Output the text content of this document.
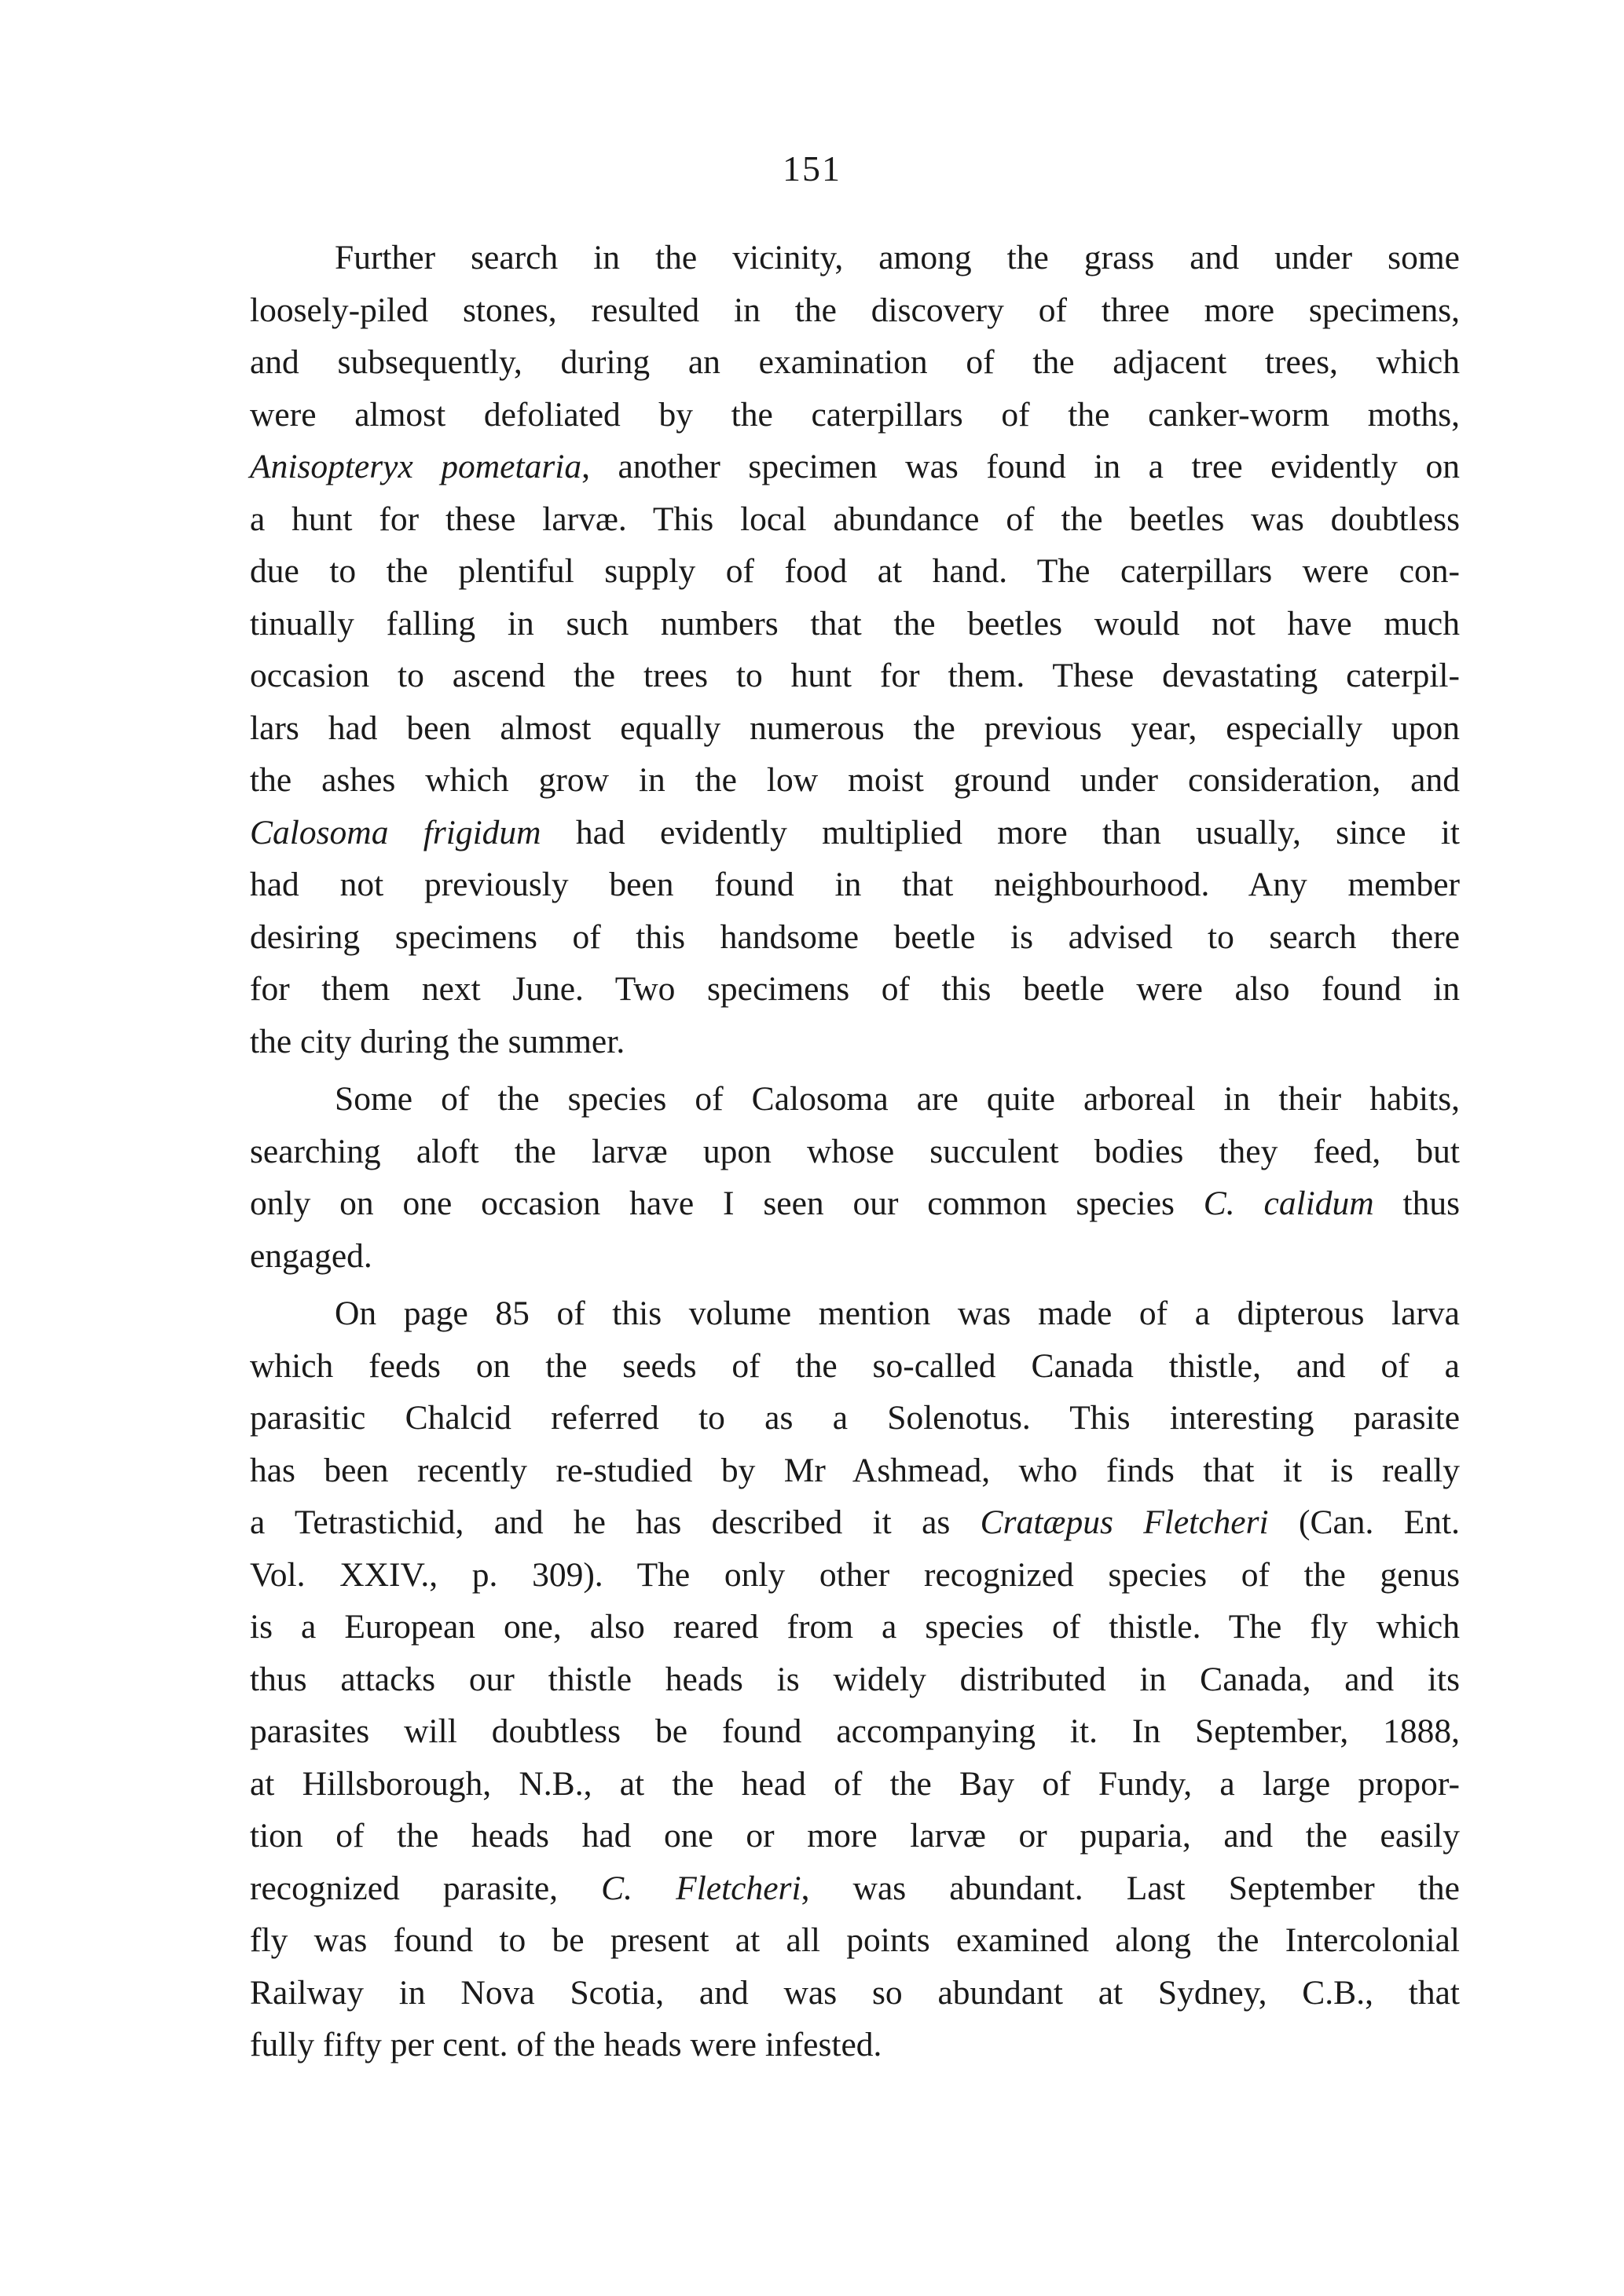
151
Further search in the vicinity, among the grass and under some
loosely-piled stones, resulted in the discovery of three more specimens,
and subsequently, during an examination of the adjacent trees, which
were almost defoliated by the caterpillars of the canker-worm moths,
Anisopteryx pometaria, another specimen was found in a tree evidently on
a hunt for these larvæ. This local abundance of the beetles was doubtless
due to the plentiful supply of food at hand. The caterpillars were con-
tinually falling in such numbers that the beetles would not have much
occasion to ascend the trees to hunt for them. These devastating caterpil-
lars had been almost equally numerous the previous year, especially upon
the ashes which grow in the low moist ground under consideration, and
Calosoma frigidum had evidently multiplied more than usually, since it
had not previously been found in that neighbourhood. Any member
desiring specimens of this handsome beetle is advised to search there
for them next June. Two specimens of this beetle were also found in
the city during the summer.
Some of the species of Calosoma are quite arboreal in their habits,
searching aloft the larvæ upon whose succulent bodies they feed, but
only on one occasion have I seen our common species C. calidum thus
engaged.
On page 85 of this volume mention was made of a dipterous larva
which feeds on the seeds of the so-called Canada thistle, and of a
parasitic Chalcid referred to as a Solenotus. This interesting parasite
has been recently re-studied by Mr Ashmead, who finds that it is really
a Tetrastichid, and he has described it as Cratæpus Fletcheri (Can. Ent.
Vol. XXIV., p. 309). The only other recognized species of the genus
is a European one, also reared from a species of thistle. The fly which
thus attacks our thistle heads is widely distributed in Canada, and its
parasites will doubtless be found accompanying it. In September, 1888,
at Hillsborough, N.B., at the head of the Bay of Fundy, a large propor-
tion of the heads had one or more larvæ or puparia, and the easily
recognized parasite, C. Fletcheri, was abundant. Last September the
fly was found to be present at all points examined along the Intercolonial
Railway in Nova Scotia, and was so abundant at Sydney, C.B., that
fully fifty per cent. of the heads were infested.
